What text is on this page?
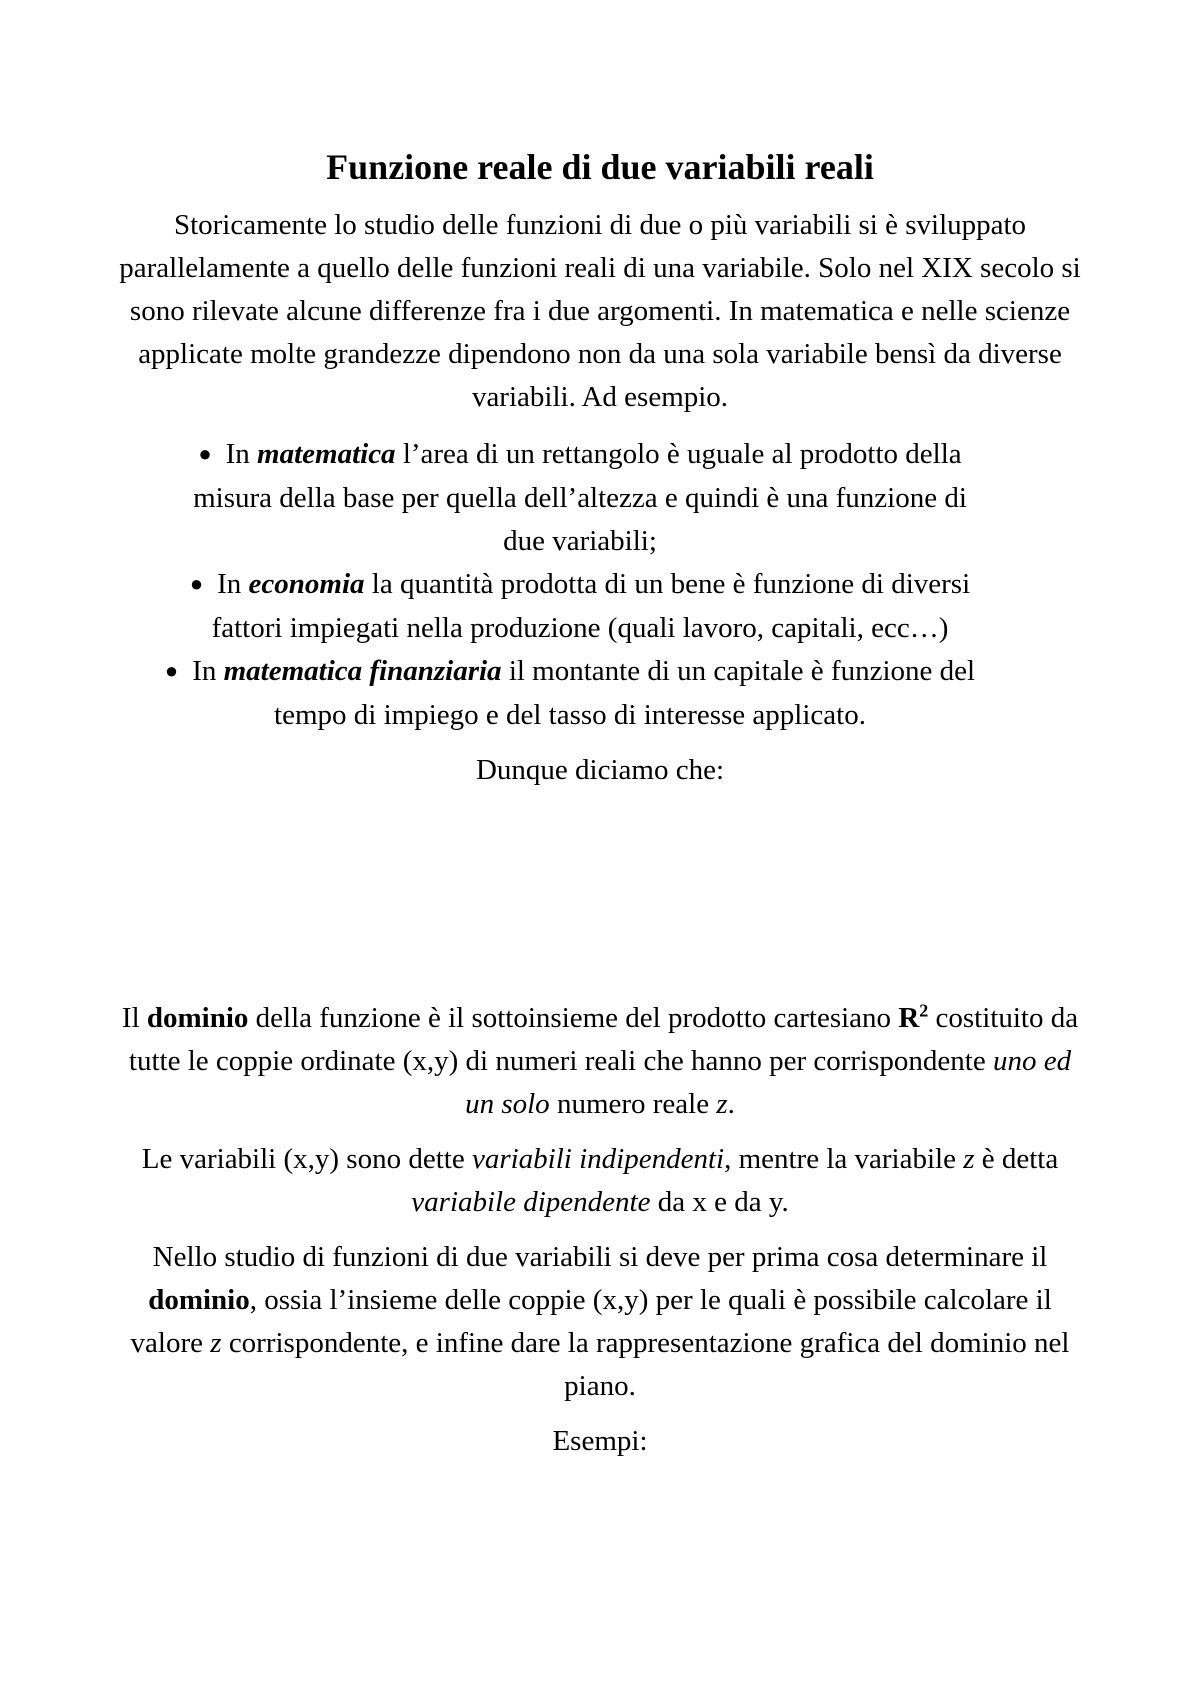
Funzione reale di due variabili reali

Storicamente lo studio delle funzioni di due o più variabili si è sviluppato parallelamente a quello delle funzioni reali di una variabile. Solo nel XIX secolo si sono rilevate alcune differenze fra i due argomenti. In matematica e nelle scienze applicate molte grandezze dipendono non da una sola variabile bensì da diverse variabili. Ad esempio.

● In matematica l’area di un rettangolo è uguale al prodotto della misura della base per quella dell’altezza e quindi è una funzione di due variabili;
● In economia la quantità prodotta di un bene è funzione di diversi fattori impiegati nella produzione (quali lavoro, capitali, ecc…)
● In matematica finanziaria il montante di un capitale è funzione del tempo di impiego e del tasso di interesse applicato.

Dunque diciamo che:

Il dominio della funzione è il sottoinsieme del prodotto cartesiano $R^2$ costituito da tutte le coppie ordinate (x,y) di numeri reali che hanno per corrispondente uno ed un solo numero reale z.

Le variabili (x,y) sono dette variabili indipendenti, mentre la variabile z è detta variabile dipendente da x e da y.

Nello studio di funzioni di due variabili si deve per prima cosa determinare il dominio, ossia l’insieme delle coppie (x,y) per le quali è possibile calcolare il valore z corrispondente, e infine dare la rappresentazione grafica del dominio nel piano.

Esempi:
